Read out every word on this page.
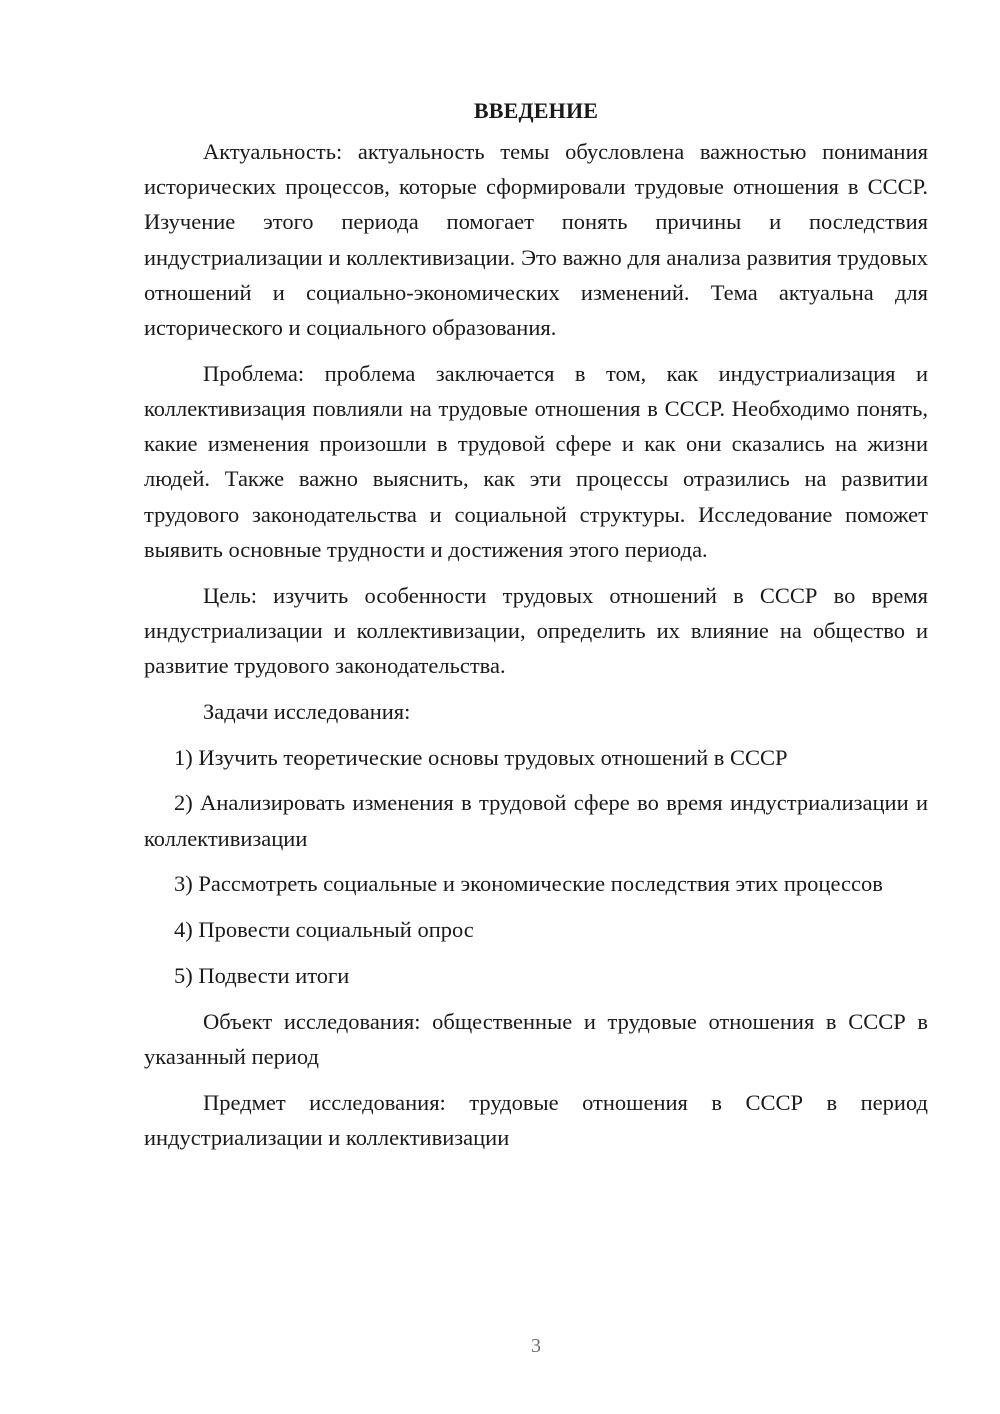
ВВЕДЕНИЕ

Актуальность: актуальность темы обусловлена важностью понимания исторических процессов, которые сформировали трудовые отношения в СССР. Изучение этого периода помогает понять причины и последствия индустриализации и коллективизации. Это важно для анализа развития трудовых отношений и социально-экономических изменений. Тема актуальна для исторического и социального образования.

Проблема: проблема заключается в том, как индустриализация и коллективизация повлияли на трудовые отношения в СССР. Необходимо понять, какие изменения произошли в трудовой сфере и как они сказались на жизни людей. Также важно выяснить, как эти процессы отразились на развитии трудового законодательства и социальной структуры. Исследование поможет выявить основные трудности и достижения этого периода.

Цель: изучить особенности трудовых отношений в СССР во время индустриализации и коллективизации, определить их влияние на общество и развитие трудового законодательства.

Задачи исследования:

1) Изучить теоретические основы трудовых отношений в СССР

2) Анализировать изменения в трудовой сфере во время индустриализации и коллективизации

3) Рассмотреть социальные и экономические последствия этих процессов

4) Провести социальный опрос

5) Подвести итоги

Объект исследования: общественные и трудовые отношения в СССР в указанный период

Предмет исследования: трудовые отношения в СССР в период индустриализации и коллективизации

3
